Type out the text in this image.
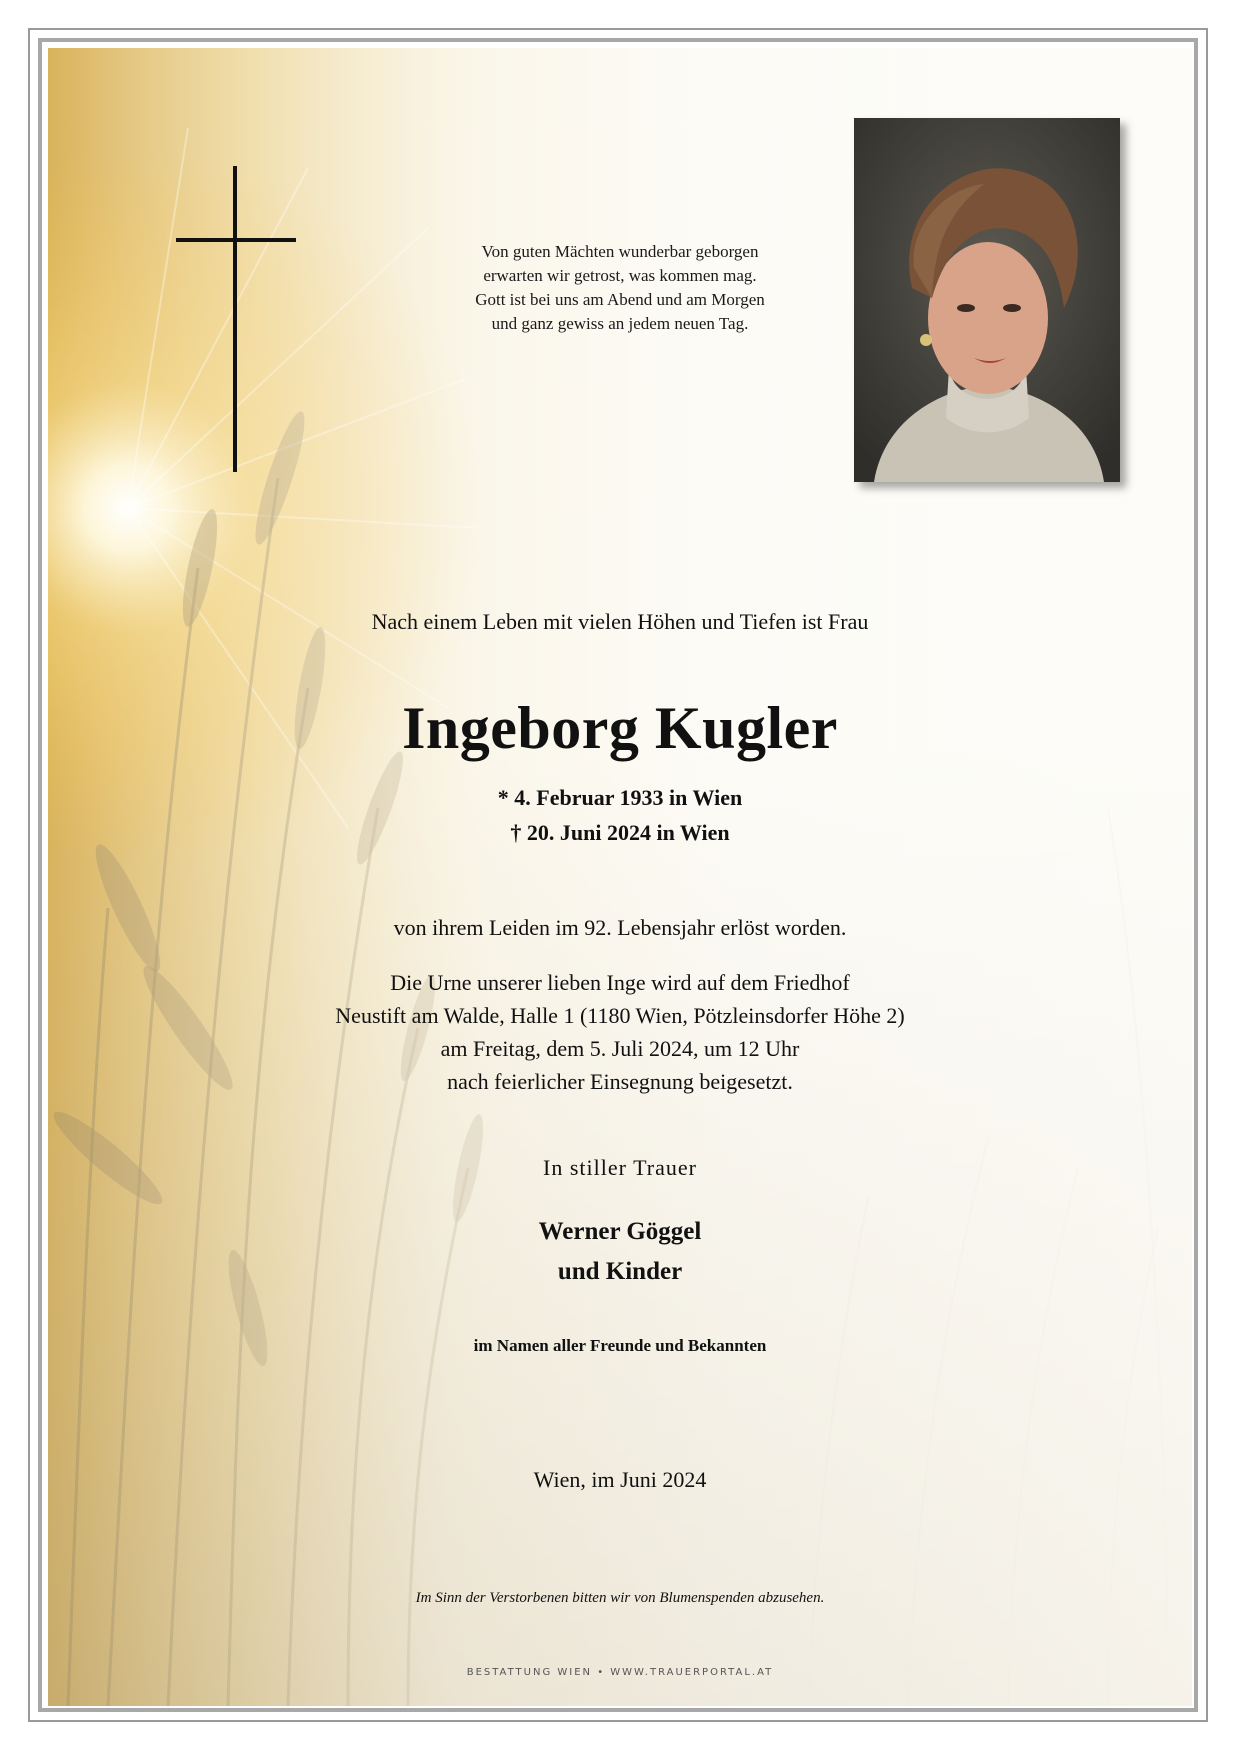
Von guten Mächten wunderbar geborgen
erwarten wir getrost, was kommen mag.
Gott ist bei uns am Abend und am Morgen
und ganz gewiss an jedem neuen Tag.
Nach einem Leben mit vielen Höhen und Tiefen ist Frau
Ingeborg Kugler
* 4. Februar 1933 in Wien
† 20. Juni 2024 in Wien
von ihrem Leiden im 92. Lebensjahr erlöst worden.
Die Urne unserer lieben Inge wird auf dem Friedhof
Neustift am Walde, Halle 1 (1180 Wien, Pötzleinsdorfer Höhe 2)
am Freitag, dem 5. Juli 2024, um 12 Uhr
nach feierlicher Einsegnung beigesetzt.
In stiller Trauer
Werner Göggel
und Kinder
im Namen aller Freunde und Bekannten
Wien, im Juni 2024
Im Sinn der Verstorbenen bitten wir von Blumenspenden abzusehen.
BESTATTUNG WIEN • WWW.TRAUERPORTAL.AT
